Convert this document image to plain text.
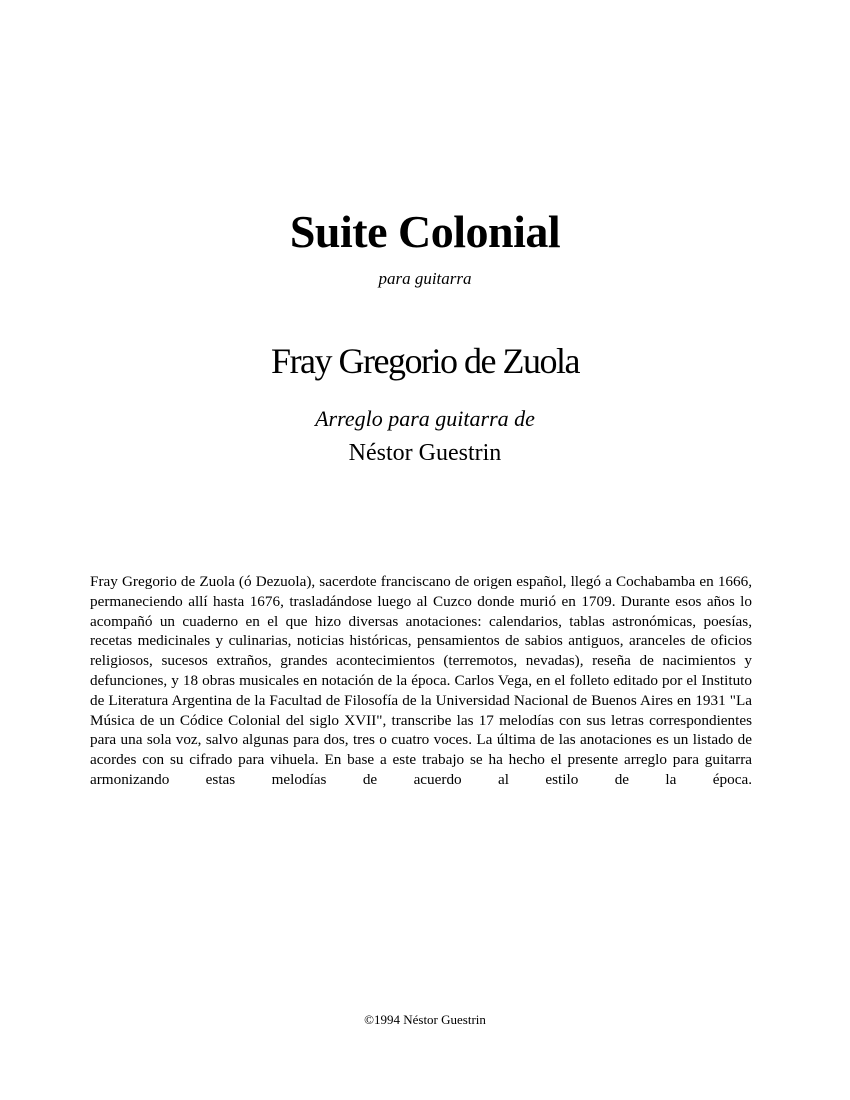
Suite Colonial
para guitarra
Fray Gregorio de Zuola
Arreglo para guitarra de
Néstor Guestrin

Fray Gregorio de Zuola (ó Dezuola), sacerdote franciscano de origen español, llegó a Cochabamba en 1666, permaneciendo allí hasta 1676, trasladándose luego al Cuzco donde murió en 1709. Durante esos años lo acompañó un cuaderno en el que hizo diversas anotaciones: calendarios, tablas astronómicas, poesías, recetas medicinales y culinarias, noticias históricas, pensamientos de sabios antiguos, aranceles de oficios religiosos, sucesos extraños, grandes acontecimientos (terremotos, nevadas), reseña de nacimientos y defunciones, y 18 obras musicales en notación de la época. Carlos Vega, en el folleto editado por el Instituto de Literatura Argentina de la Facultad de Filosofía de la Universidad Nacional de Buenos Aires en 1931 "La Música de un Códice Colonial del siglo XVII", transcribe las 17 melodías con sus letras correspondientes para una sola voz, salvo algunas para dos, tres o cuatro voces. La última de las anotaciones es un listado de acordes con su cifrado para vihuela. En base a este trabajo se ha hecho el presente arreglo para guitarra armonizando estas melodías de acuerdo al estilo de la época.

©1994 Néstor Guestrin
